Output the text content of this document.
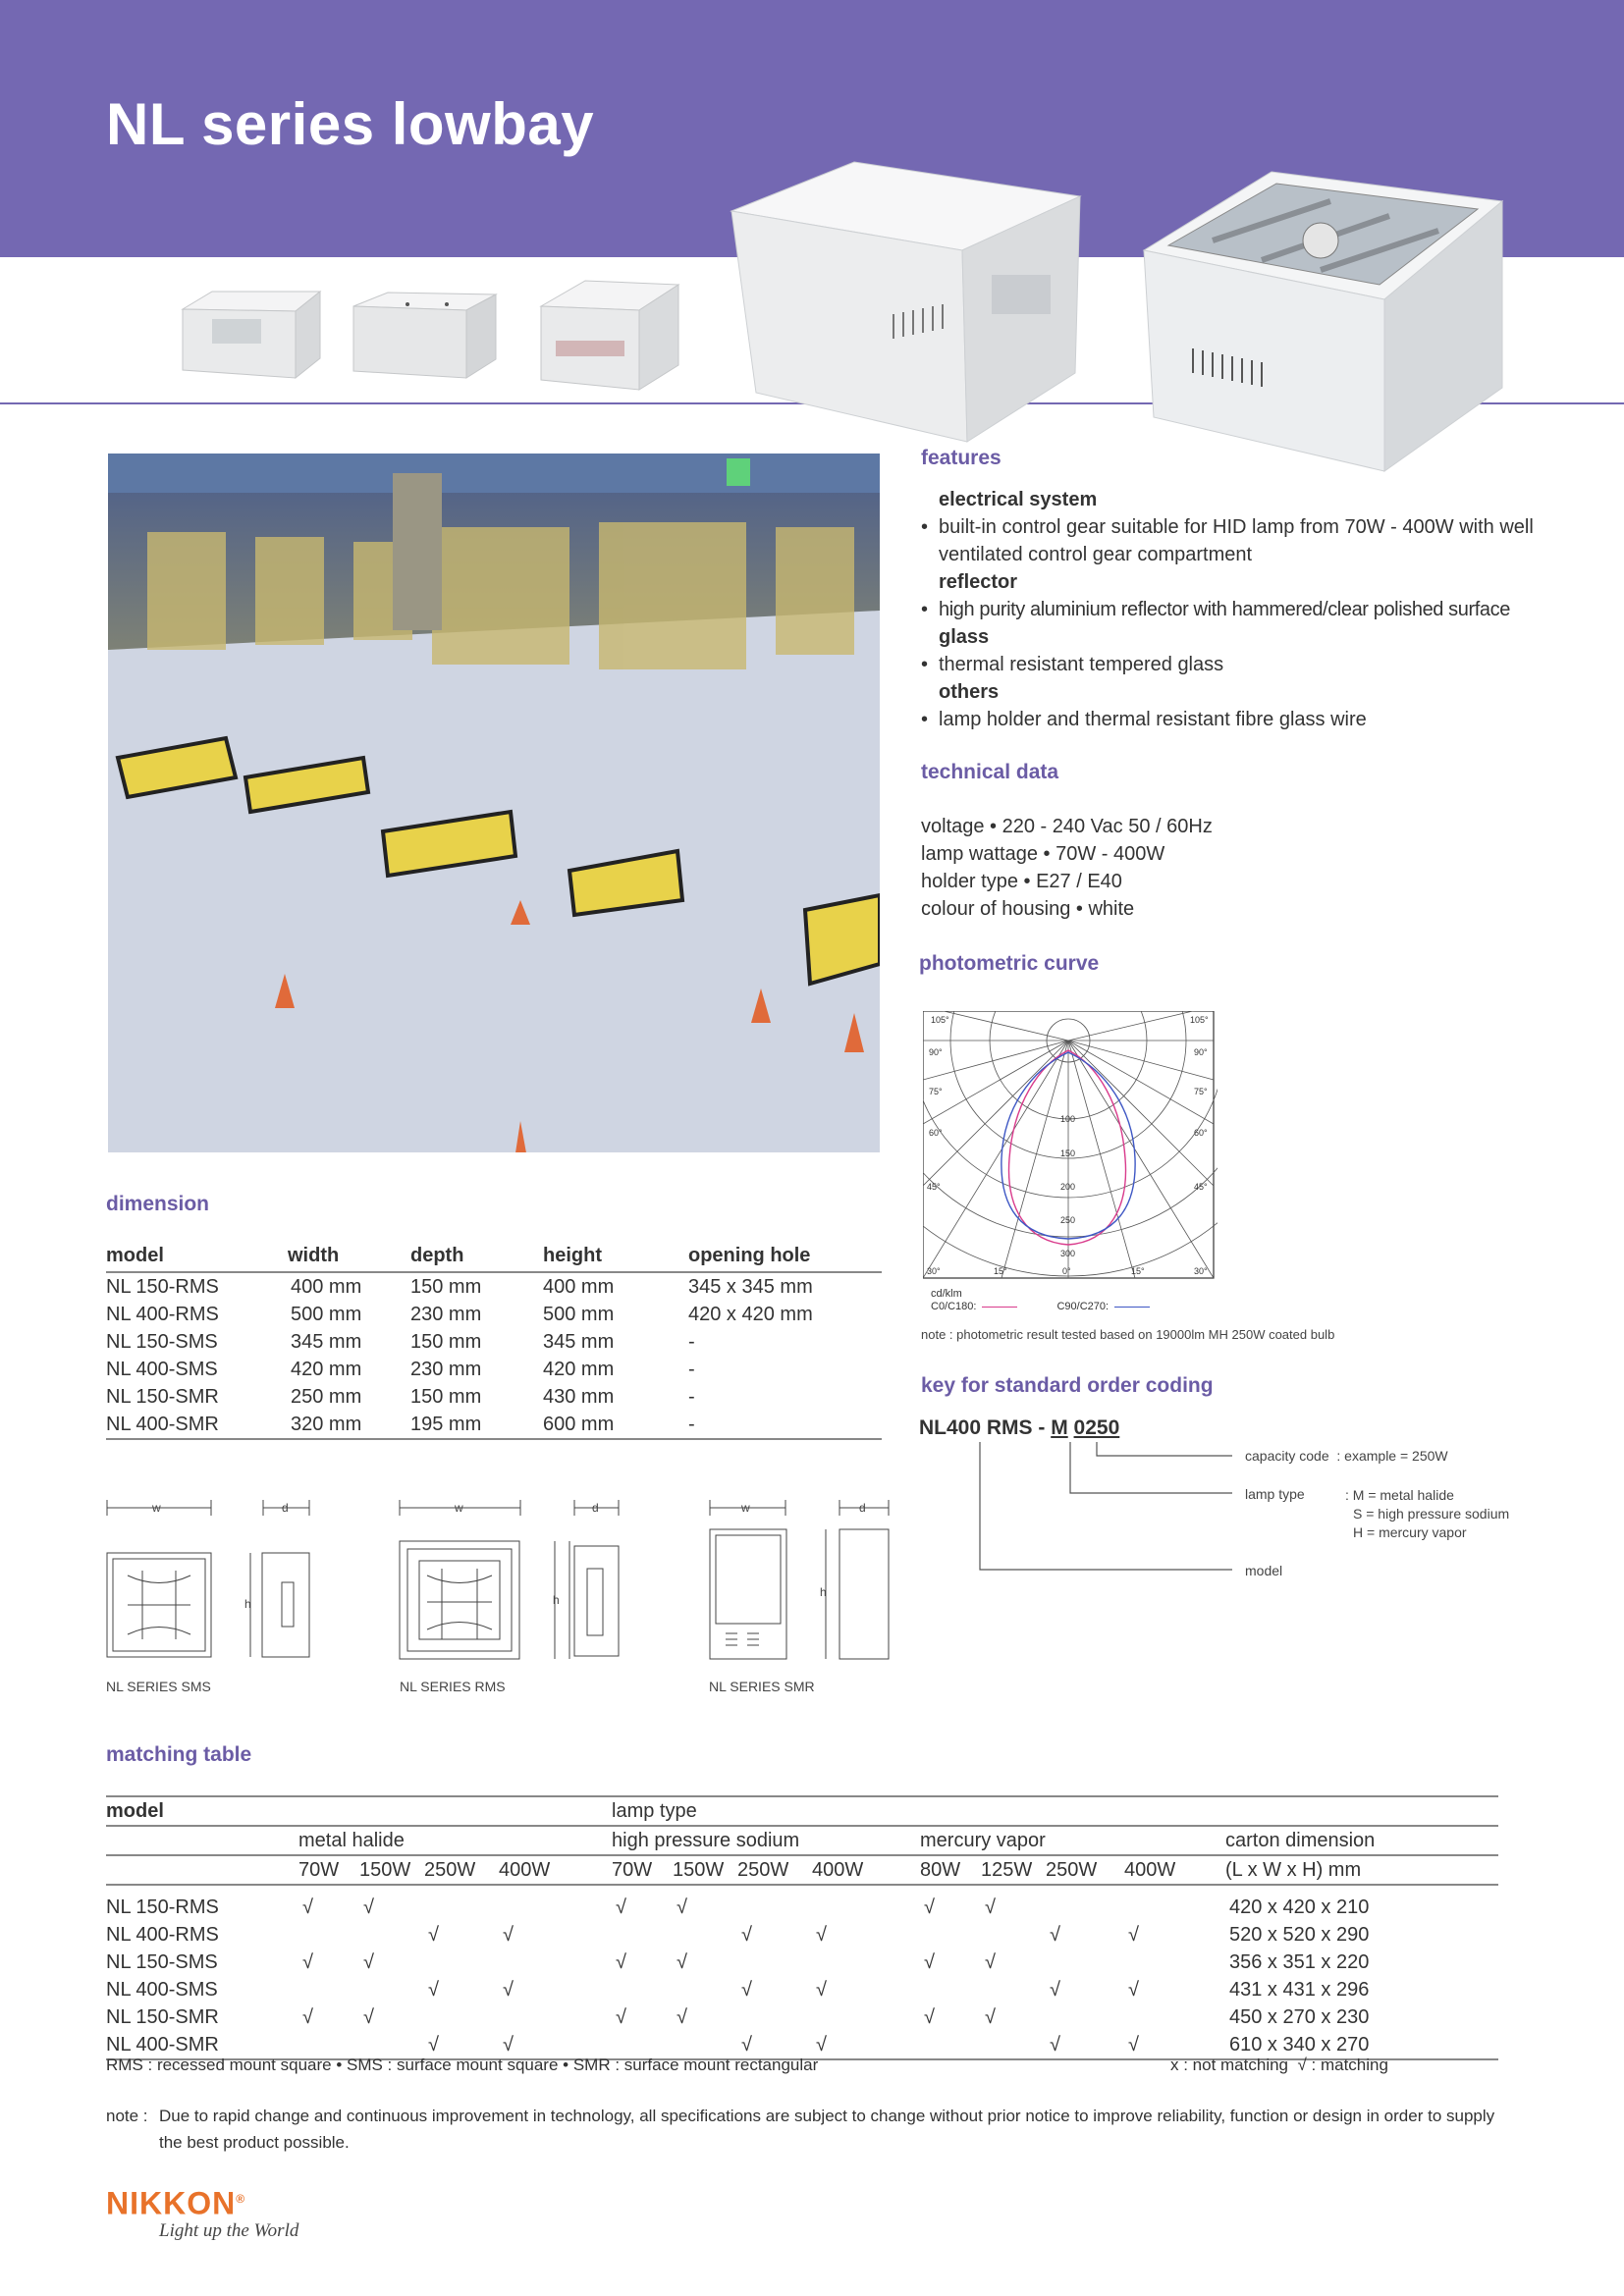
NL series lowbay
features
electrical system
• built-in control gear suitable for HID lamp from 70W - 400W with well ventilated control gear compartment
reflector
• high purity aluminium reflector with hammered/clear polished surface
glass
• thermal resistant tempered glass
others
• lamp holder and thermal resistant fibre glass wire
technical data
voltage • 220 - 240 Vac 50 / 60Hz
lamp wattage • 70W - 400W
holder type • E27 / E40
colour of housing • white
photometric curve
105°	105°
90°	90°
75°	75°
60°	60°
45°	45°
30°	15°	0°	15°	30°
100
150
200
250
300
cd/klm
C0/C180:	C90/C270:
note : photometric result tested based on 19000lm MH 250W coated bulb
key for standard order coding
NL400 RMS - M 0250
capacity code : example = 250W
lamp type	: M = metal halide
S = high pressure sodium
H = mercury vapor
model
dimension
model	width	depth	height	opening hole
NL 150-RMS	400 mm	150 mm	400 mm	345 x 345 mm
NL 400-RMS	500 mm	230 mm	500 mm	420 x 420 mm
NL 150-SMS	345 mm	150 mm	345 mm	-
NL 400-SMS	420 mm	230 mm	420 mm	-
NL 150-SMR	250 mm	150 mm	430 mm	-
NL 400-SMR	320 mm	195 mm	600 mm	-
w	d
h
w	d
h
w	d
h
NL SERIES SMS	NL SERIES RMS	NL SERIES SMR
matching table
model					lamp type								
	metal halide				high pressure sodium				mercury vapor				carton dimension
	70W	150W	250W	400W	70W	150W	250W	400W	80W	125W	250W	400W	(L x W x H) mm
NL 150-RMS	√	√			√	√			√	√			420 x 420 x 210
NL 400-RMS			√	√			√	√			√	√	520 x 520 x 290
NL 150-SMS	√	√			√	√			√	√			356 x 351 x 220
NL 400-SMS			√	√			√	√			√	√	431 x 431 x 296
NL 150-SMR	√	√			√	√			√	√			450 x 270 x 230
NL 400-SMR			√	√			√	√			√	√	610 x 340 x 270
RMS : recessed mount square • SMS : surface mount square • SMR : surface mount rectangular	x : not matching  √ : matching
note : Due to rapid change and continuous improvement in technology, all specifications are subject to change without prior notice to improve reliability, function or design in order to supply the best product possible.
NIKKON®
Light up the World
